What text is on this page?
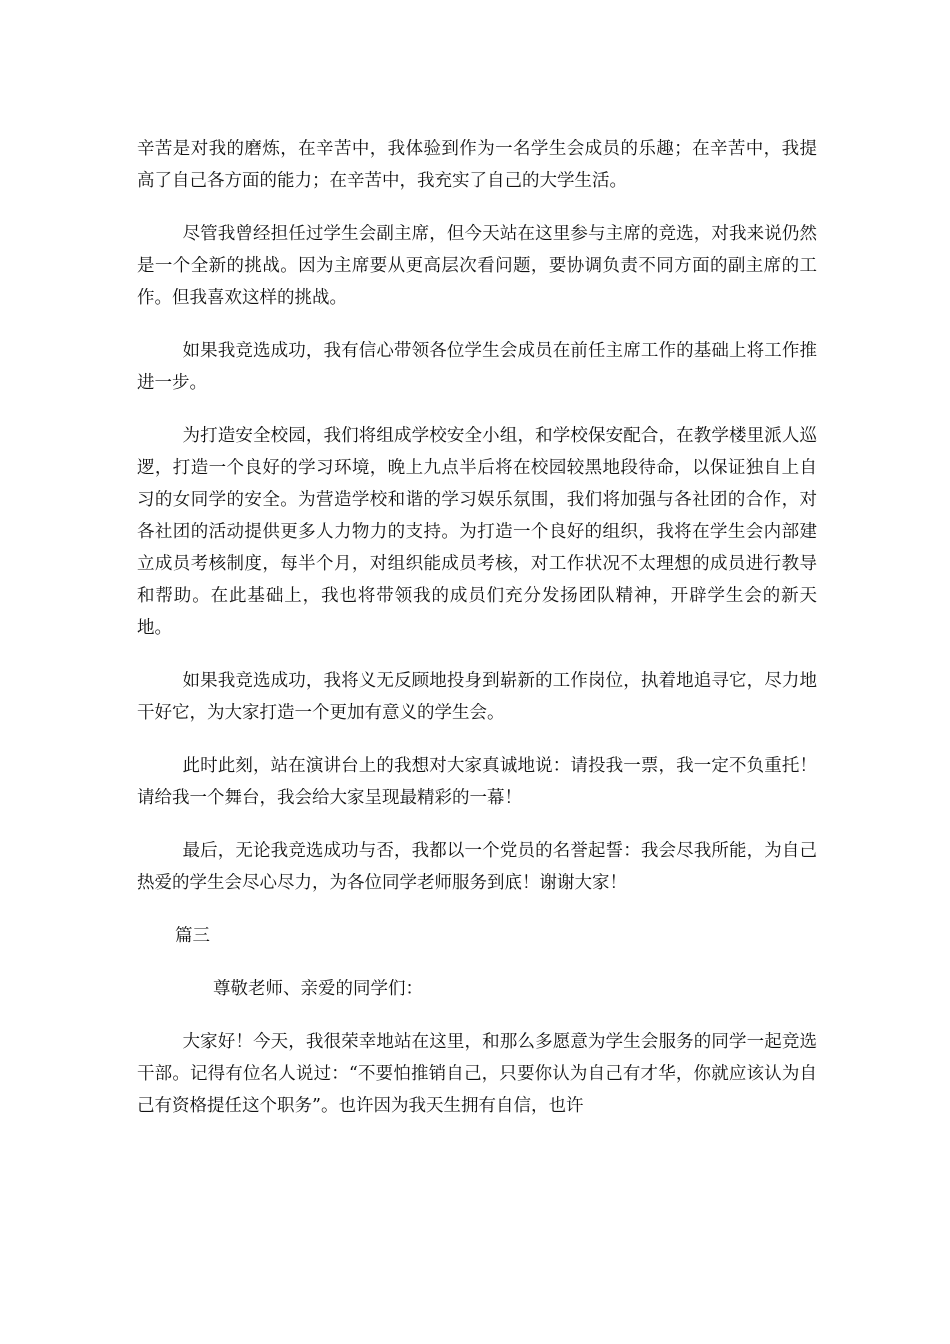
辛苦是对我的磨炼，在辛苦中，我体验到作为一名学生会成员的乐趣；在辛苦中，我提高了自己各方面的能力；在辛苦中，我充实了自己的大学生活。

尽管我曾经担任过学生会副主席，但今天站在这里参与主席的竞选，对我来说仍然是一个全新的挑战。因为主席要从更高层次看问题，要协调负责不同方面的副主席的工作。但我喜欢这样的挑战。

如果我竞选成功，我有信心带领各位学生会成员在前任主席工作的基础上将工作推进一步。

为打造安全校园，我们将组成学校安全小组，和学校保安配合，在教学楼里派人巡逻，打造一个良好的学习环境，晚上九点半后将在校园较黑地段待命，以保证独自上自习的女同学的安全。为营造学校和谐的学习娱乐氛围，我们将加强与各社团的合作，对各社团的活动提供更多人力物力的支持。为打造一个良好的组织，我将在学生会内部建立成员考核制度，每半个月，对组织能成员考核，对工作状况不太理想的成员进行教导和帮助。在此基础上，我也将带领我的成员们充分发扬团队精神，开辟学生会的新天地。

如果我竞选成功，我将义无反顾地投身到崭新的工作岗位，执着地追寻它，尽力地干好它，为大家打造一个更加有意义的学生会。

此时此刻，站在演讲台上的我想对大家真诚地说：请投我一票，我一定不负重托！请给我一个舞台，我会给大家呈现最精彩的一幕！

最后，无论我竞选成功与否，我都以一个党员的名誉起誓：我会尽我所能，为自己热爱的学生会尽心尽力，为各位同学老师服务到底！谢谢大家！

篇三

尊敬老师、亲爱的同学们：

大家好！今天，我很荣幸地站在这里，和那么多愿意为学生会服务的同学一起竞选干部。记得有位名人说过：“不要怕推销自己，只要你认为自己有才华，你就应该认为自己有资格提任这个职务”。也许因为我天生拥有自信，也许
